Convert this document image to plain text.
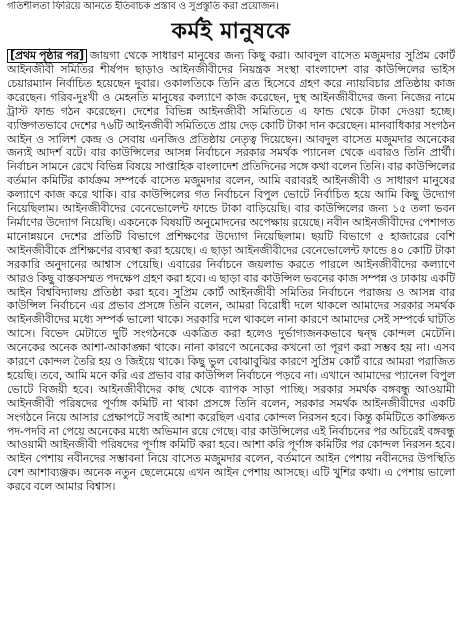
গতিশীলতা ফিরিয়ে আনতে ইতিবাচক প্রস্তাব ও সুপ্রস্তুতি করা প্রয়োজন।
কর্মই মানুষকে

[প্রথম পৃষ্ঠার পর] জায়গা থেকে সাধারণ মানুষের জন্য কিছু করা। আবদুল বাসেত মজুমদার সুপ্রিম কোর্ট আইনজীবী সমিতির শীর্ষপদ ছাড়াও আইনজীবীদের নিয়ন্ত্রক সংস্থা বাংলাদেশ বার কাউন্সিলের ভাইস চেয়ারম্যান নির্বাচিত হয়েছেন দুবার। ওকালতিকে তিনি ব্রত হিসেবে গ্রহণ করে ন্যায়বিচার প্রতিষ্ঠায় কাজ করেছেন। গরিব-দুঃখী ও মেহনতি মানুষের কল্যাণে কাজ করেছেন, দুস্থ আইনজীবীদের জন্য নিজের নামে ট্রাস্ট ফান্ড গঠন করেছেন। দেশের বিভিন্ন আইনজীবী সমিতিতে এ ফান্ড থেকে টাকা দেওয়া হচ্ছে। ব্যক্তিগতভাবে দেশের ৭৬টি আইনজীবী সমিতিতে প্রায় দেড় কোটি টাকা দান করেছেন। মানবাধিকার সংগঠন আইন ও সালিশ কেন্দ্র ও সেবায় এনজিও প্রতিষ্ঠায় নেতৃত্ব দিয়েছেন। আবদুল বাসেত মজুমদার অনেকের জন্যই আদর্শ বটে। বার কাউন্সিলের আসন্ন নির্বাচনে সরকার সমর্থক প্যানেল থেকে এবারও তিনি প্রার্থী। নির্বাচন সামনে রেখে বিভিন্ন বিষয়ে সাপ্তাহিক বাংলাদেশ প্রতিদিনের সঙ্গে কথা বলেন তিনি। বার কাউন্সিলের বর্তমান কমিটির কার্যক্রম সম্পর্কে বাসেত মজুমদার বলেন, আমি বরাবরই আইনজীবী ও সাধারণ মানুষের কল্যাণে কাজ করে থাকি। বার কাউন্সিলের গত নির্বাচনে বিপুল ভোটে নির্বাচিত হয়ে আমি কিছু উদ্যোগ নিয়েছিলাম। আইনজীবীদের বেনেভোলেন্ট ফান্ডে টাকা বাড়িয়েছি। বার কাউন্সিলের জন্য ১৫ তলা ভবন নির্মাণের উদ্যোগ নিয়েছি। একনেকে বিষয়টি অনুমোদনের অপেক্ষায় রয়েছে। নবীন আইনজীবীদের পেশাগত মানোন্নয়নে দেশের প্রতিটি বিভাগে প্রশিক্ষণের উদ্যোগ নিয়েছিলাম। ছয়টি বিভাগে ৫ হাজারের বেশি আইনজীবীকে প্রশিক্ষণের ব্যবস্থা করা হয়েছে। এ ছাড়া আইনজীবীদের বেনেভোলেন্ট ফান্ডে ৪০ কোটি টাকা সরকারি অনুদানের আশ্বাস পেয়েছি। এবারের নির্বাচনে জয়লাভ করতে পারলে আইনজীবীদের কল্যাণে আরও কিছু বাস্তবসম্মত পদক্ষেপ গ্রহণ করা হবে। এ ছাড়া বার কাউন্সিল ভবনের কাজ সম্পন্ন ও ঢাকায় একটি আইন বিশ্ববিদ্যালয় প্রতিষ্ঠা করা হবে। সুপ্রিম কোর্ট আইনজীবী সমিতির নির্বাচনে পরাজয় ও আসন্ন বার কাউন্সিল নির্বাচনে এর প্রভাব প্রসঙ্গে তিনি বলেন, আমরা বিরোধী দলে থাকলে আমাদের সরকার সমর্থক আইনজীবীদের মধ্যে সম্পর্ক ভালো থাকে। সরকারি দলে থাকলে নানা কারণে আমাদের সেই সম্পর্কে ঘাটতি আসে। বিভেদ মেটাতে দুটি সংগঠনকে একত্রিত করা হলেও দুর্ভাগ্যজনকভাবে দ্বন্দ্ব কোন্দল মেটেনি। অনেকের অনেক আশা-আকাঙ্ক্ষা থাকে। নানা কারণে অনেকের কখনো তা পূরণ করা সম্ভব হয় না। এসব কারণে কোন্দল তৈরি হয় ও জিইয়ে থাকে। কিছু ভুল বোঝাবুঝির কারণে সুপ্রিম কোর্ট বারে আমরা পরাজিত হয়েছি। তবে, আমি মনে করি এর প্রভাব বার কাউন্সিল নির্বাচনে পড়বে না। এখানে আমাদের প্যানেল বিপুল ভোটে বিজয়ী হবে। আইনজীবীদের কাছ থেকে ব্যাপক সাড়া পাচ্ছি। সরকার সমর্থক বঙ্গবন্ধু আওয়ামী আইনজীবী পরিষদের পূর্ণাঙ্গ কমিটি না থাকা প্রসঙ্গে তিনি বলেন, সরকার সমর্থক আইনজীবীদের একটি সংগঠনে নিয়ে আসার প্রেক্ষাপটে সবাই আশা করেছিল এবার কোন্দল নিরসন হবে। কিন্তু কমিটিতে কাঙ্ক্ষিত পদ-পদবি না পেয়ে অনেকের মধ্যে অভিমান রয়ে গেছে। বার কাউন্সিলের এই নির্বাচনের পর অচিরেই বঙ্গবন্ধু আওয়ামী আইনজীবী পরিষদের পূর্ণাঙ্গ কমিটি করা হবে। আশা করি পূর্ণাঙ্গ কমিটির পর কোন্দল নিরসন হবে। আইন পেশায় নবীনদের সম্ভাবনা নিয়ে বাসেত মজুমদার বলেন, বর্তমানে আইন পেশায় নবীনদের উপস্থিতি বেশ আশাব্যঞ্জক। অনেক নতুন ছেলেমেয়ে এখন আইন পেশায় আসছে। এটি খুশির কথা। এ পেশায় ভালো করবে বলে আমার বিশ্বাস।
